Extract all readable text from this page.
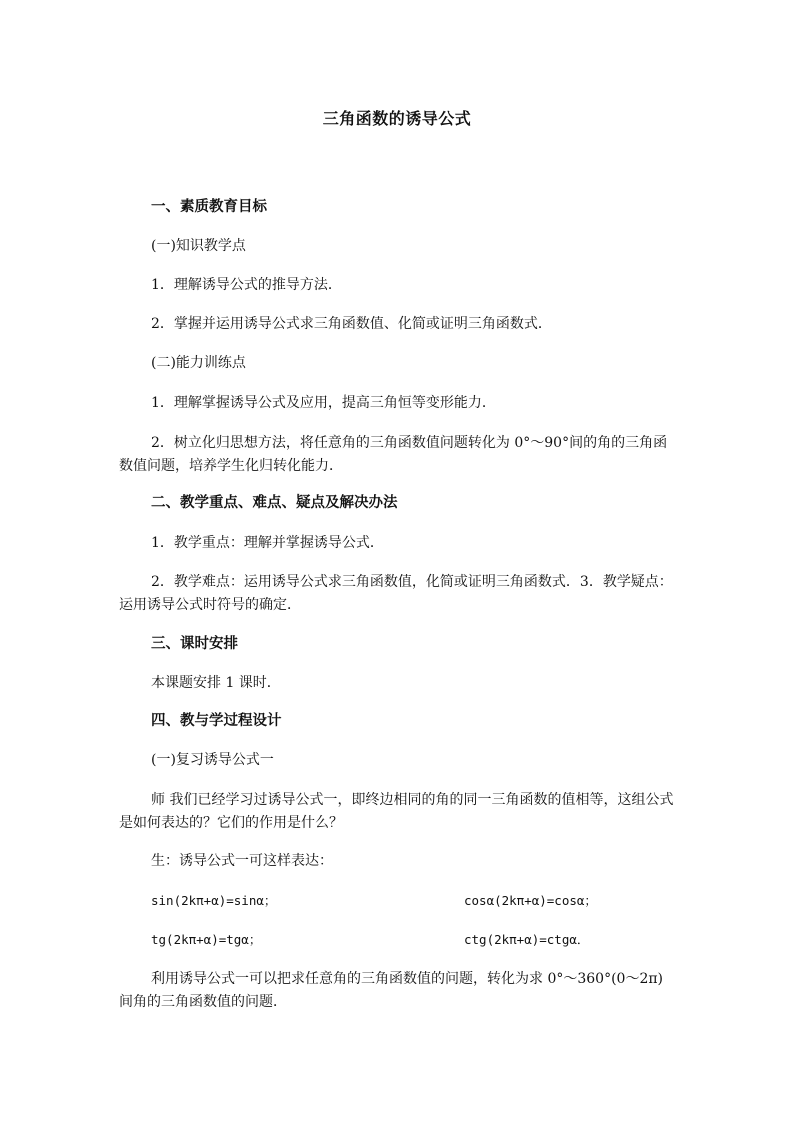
三角函数的诱导公式
一、素质教育目标
(一)知识教学点
1．理解诱导公式的推导方法．
2．掌握并运用诱导公式求三角函数值、化简或证明三角函数式．
(二)能力训练点
1．理解掌握诱导公式及应用，提高三角恒等变形能力．
2．树立化归思想方法，将任意角的三角函数值问题转化为 0°～90°间的角的三角函数值问题，培养学生化归转化能力．
二、教学重点、难点、疑点及解决办法
1．教学重点：理解并掌握诱导公式．
2．教学难点：运用诱导公式求三角函数值，化简或证明三角函数式．3．教学疑点：运用诱导公式时符号的确定．
三、课时安排
本课题安排 1 课时．
四、教与学过程设计
(一)复习诱导公式一
师 我们已经学习过诱导公式一，即终边相同的角的同一三角函数的值相等，这组公式是如何表达的？它们的作用是什么？
生：诱导公式一可这样表达：
sin(2kπ+α)=sinα；	cosα(2kπ+α)=cosα；
tg(2kπ+α)=tgα；	ctg(2kπ+α)=ctgα．
利用诱导公式一可以把求任意角的三角函数值的问题，转化为求 0°～360°(0～2π)间角的三角函数值的问题．
